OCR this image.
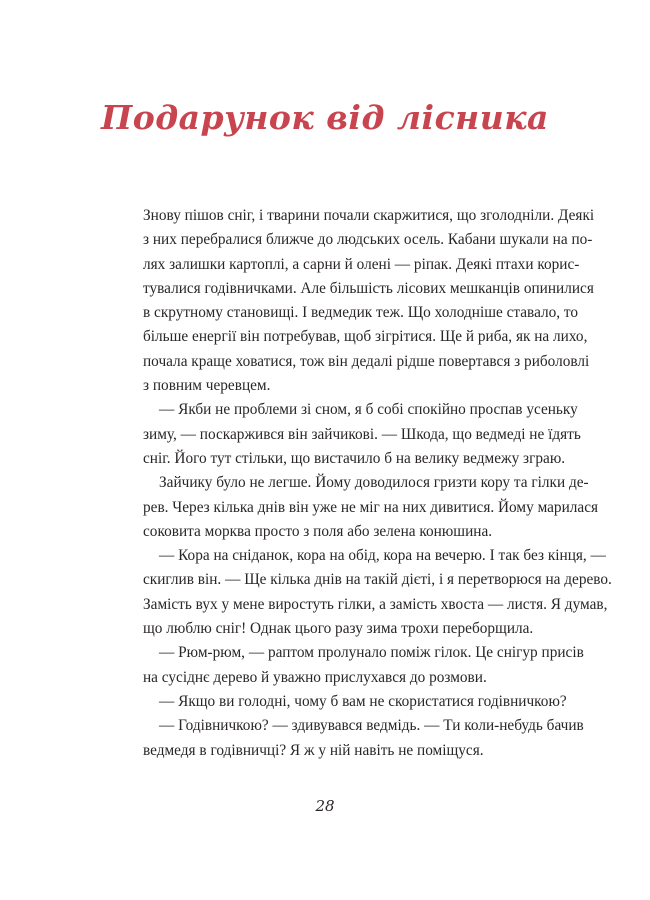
Подарунок від лісника
Знову пішов сніг, і тварини почали скаржитися, що зголодніли. Деякі
з них перебралися ближче до людських осель. Кабани шукали на по-
лях залишки картоплі, а сарни й олені — ріпак. Деякі птахи корис-
тувалися годівничками. Але більшість лісових мешканців опинилися
в скрутному становищі. І ведмедик теж. Що холодніше ставало, то
більше енергії він потребував, щоб зігрітися. Ще й риба, як на лихо,
почала краще ховатися, тож він дедалі рідше повертався з риболовлі
з повним черевцем.
— Якби не проблеми зі сном, я б собі спокійно проспав усеньку
зиму, — поскаржився він зайчикові. — Шкода, що ведмеді не їдять
сніг. Його тут стільки, що вистачило б на велику ведмежу зграю.
Зайчику було не легше. Йому доводилося гризти кору та гілки де-
рев. Через кілька днів він уже не міг на них дивитися. Йому марилася
соковита морква просто з поля або зелена конюшина.
— Кора на сніданок, кора на обід, кора на вечерю. І так без кінця, —
скиглив він. — Ще кілька днів на такій дієті, і я перетворюся на дерево.
Замість вух у мене виростуть гілки, а замість хвоста — листя. Я думав,
що люблю сніг! Однак цього разу зима трохи переборщила.
— Рюм-рюм, — раптом пролунало поміж гілок. Це снігур присів
на сусіднє дерево й уважно прислухався до розмови.
— Якщо ви голодні, чому б вам не скористатися годівничкою?
— Годівничкою? — здивувався ведмідь. — Ти коли-небудь бачив
ведмедя в годівничці? Я ж у ній навіть не поміщуся.
28
